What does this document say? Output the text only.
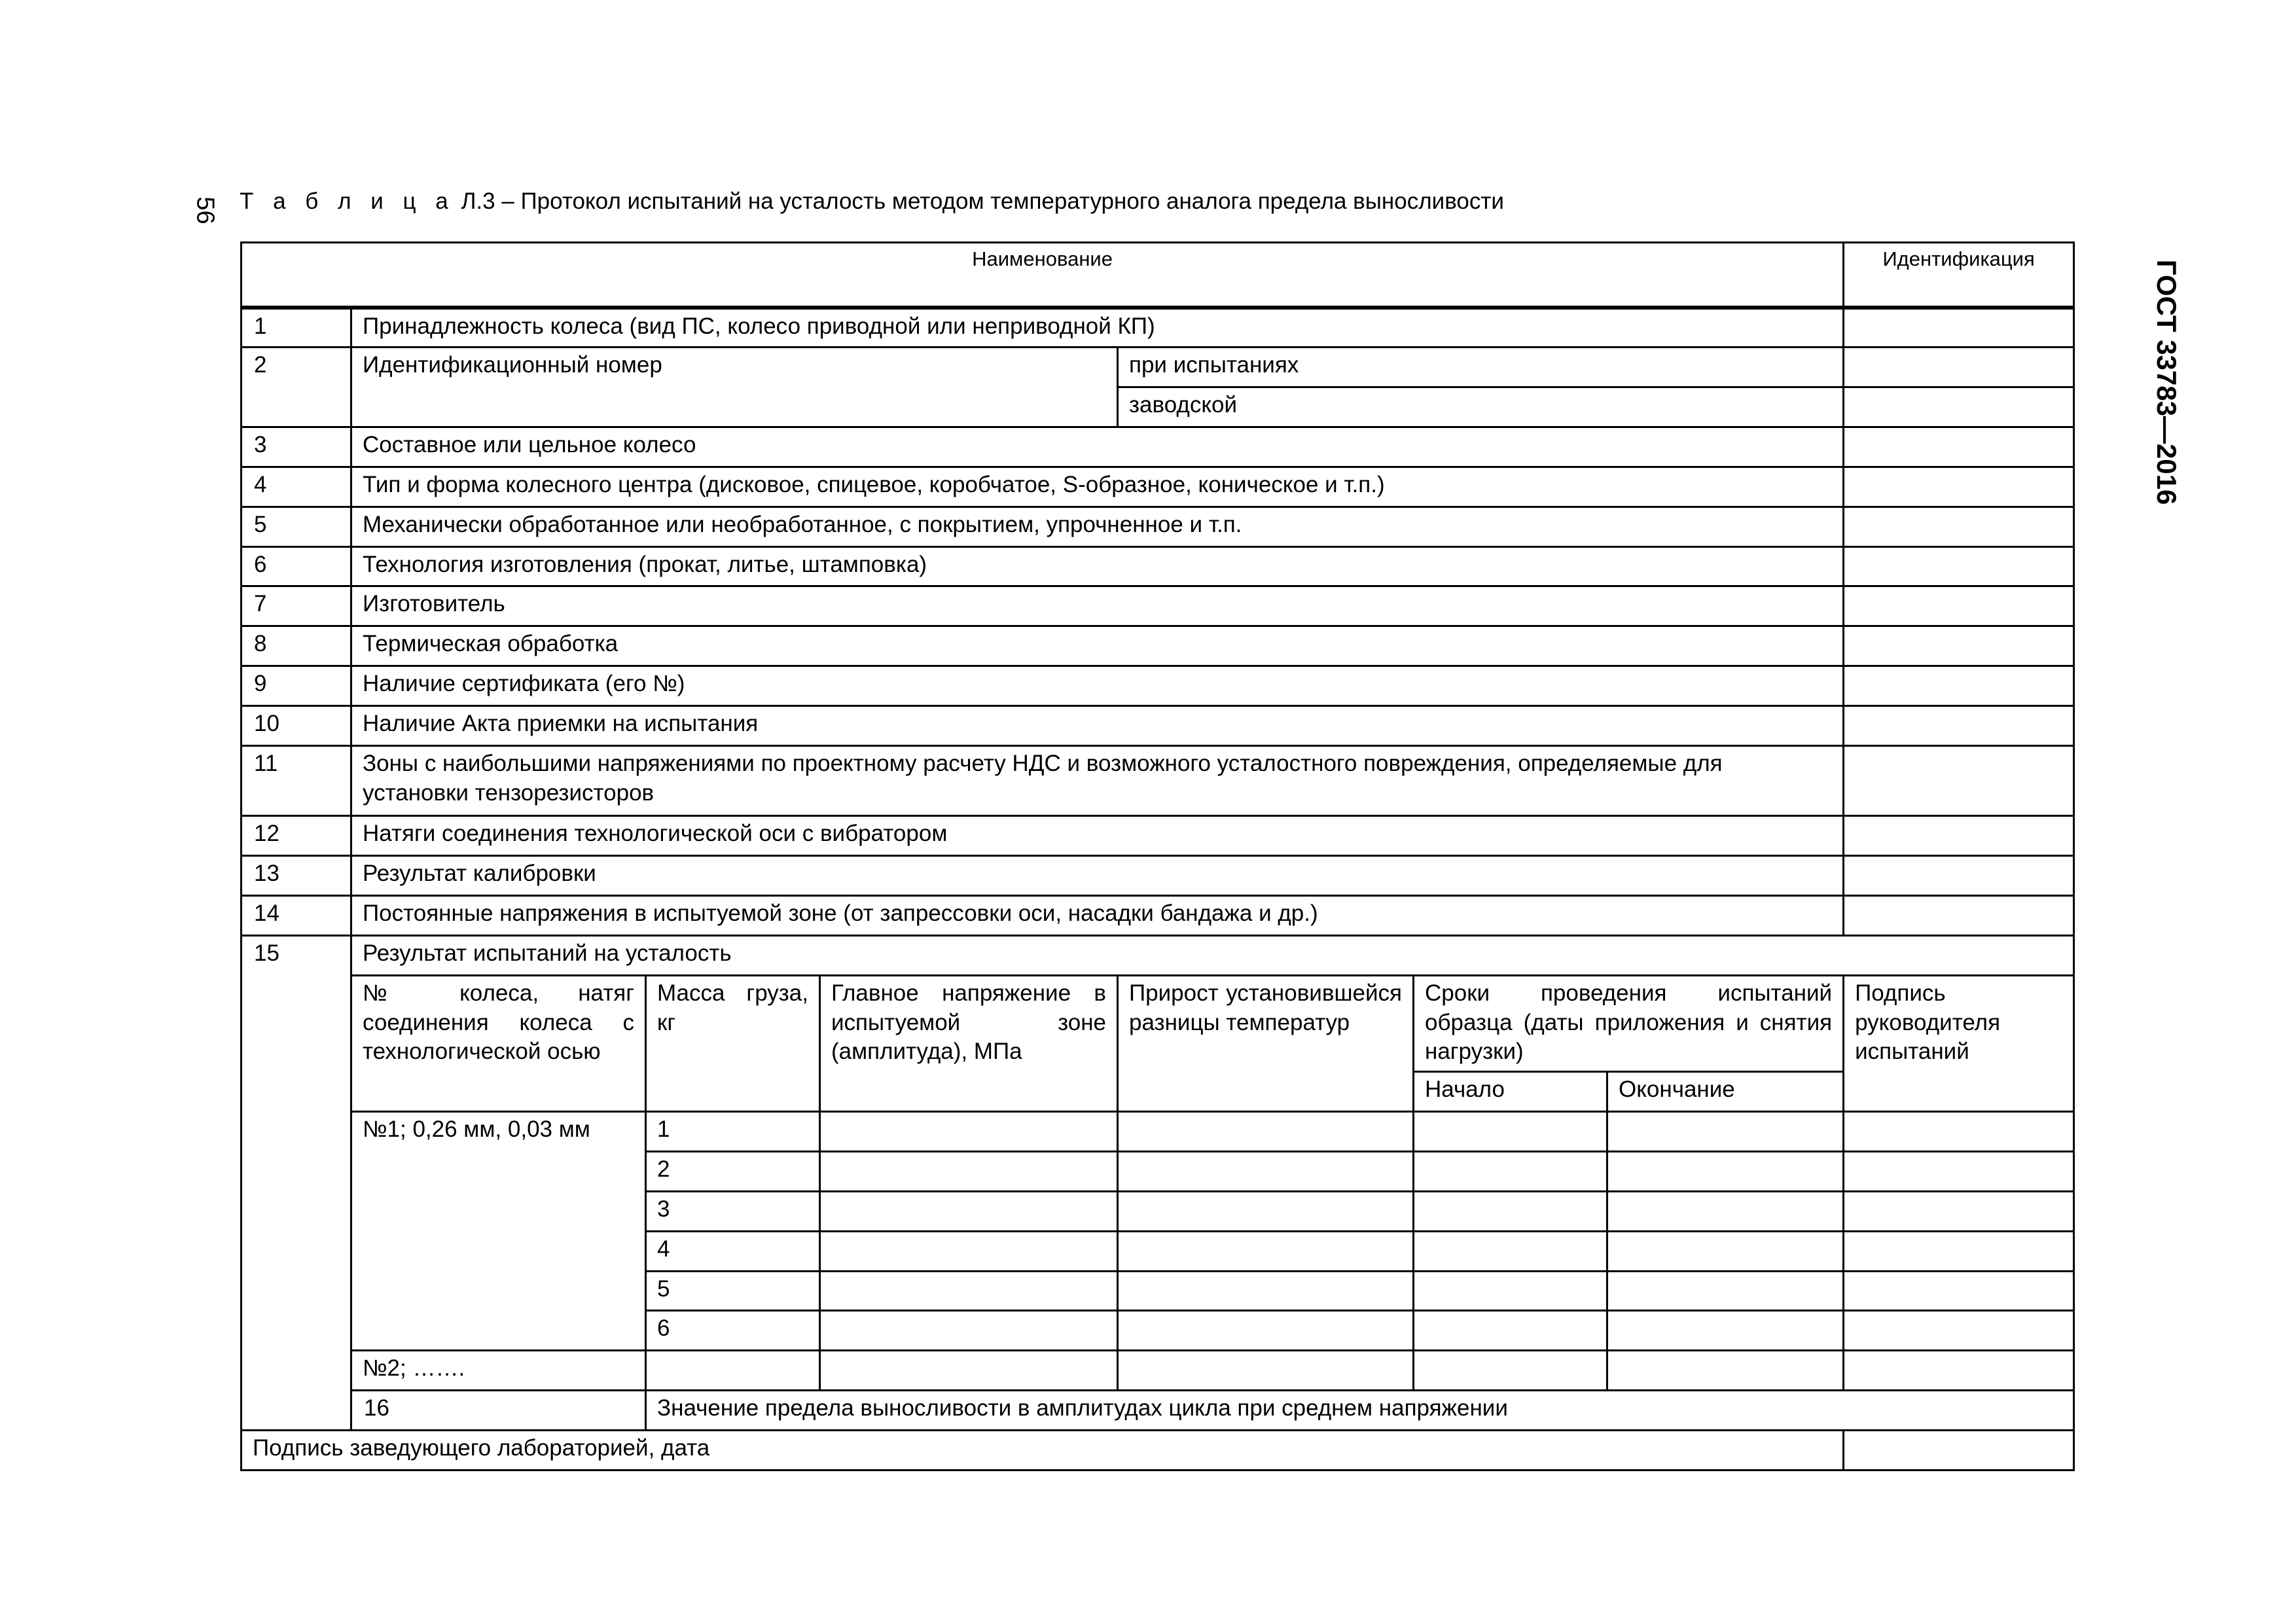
56
ГОСТ 33783—2016
Т а б л и ц а Л.3 – Протокол испытаний на усталость методом температурного аналога предела выносливости
Наименование							Идентификация	
1	Принадлежность колеса (вид ПС, колесо приводной или неприводной КП)							
2	Идентификационный номер			при испытаниях				
				заводской				
3	Составное или цельное колесо							
4	Тип и форма колесного центра (дисковое, спицевое, коробчатое, S-образное, коническое и т.п.)							
5	Механически обработанное или необработанное, с покрытием, упрочненное и т.п.							
6	Технология изготовления (прокат, литье, штамповка)							
7	Изготовитель							
8	Термическая обработка							
9	Наличие сертификата (его №)							
10	Наличие Акта приемки на испытания							
11	Зоны с наибольшими напряжениями по проектному расчету НДС и возможного усталостного повреждения, определяемые для установки тензорезисторов							
12	Натяги соединения технологической оси с вибратором							
13	Результат калибровки							
14	Постоянные напряжения в испытуемой зоне (от запрессовки оси, насадки бандажа и др.)							
15	Результат испытаний на усталость							
	№ колеса, натяг соединения колеса с технологической осью	Масса груза, кг	Главное напряжение в испытуемой зоне (амплитуда), МПа	Прирост установившейся разницы температур	Сроки проведения испытаний образца (даты приложения и снятия нагрузки)		Подпись руководителя испытаний	
					Начало	Окончание		
	№1; 0,26 мм, 0,03 мм	1						
		2						
		3						
		4						
		5						
		6						
	№2; …….							
	16	Значение предела выносливости в амплитудах цикла при среднем напряжении						
Подпись заведующего лабораторией, дата								
